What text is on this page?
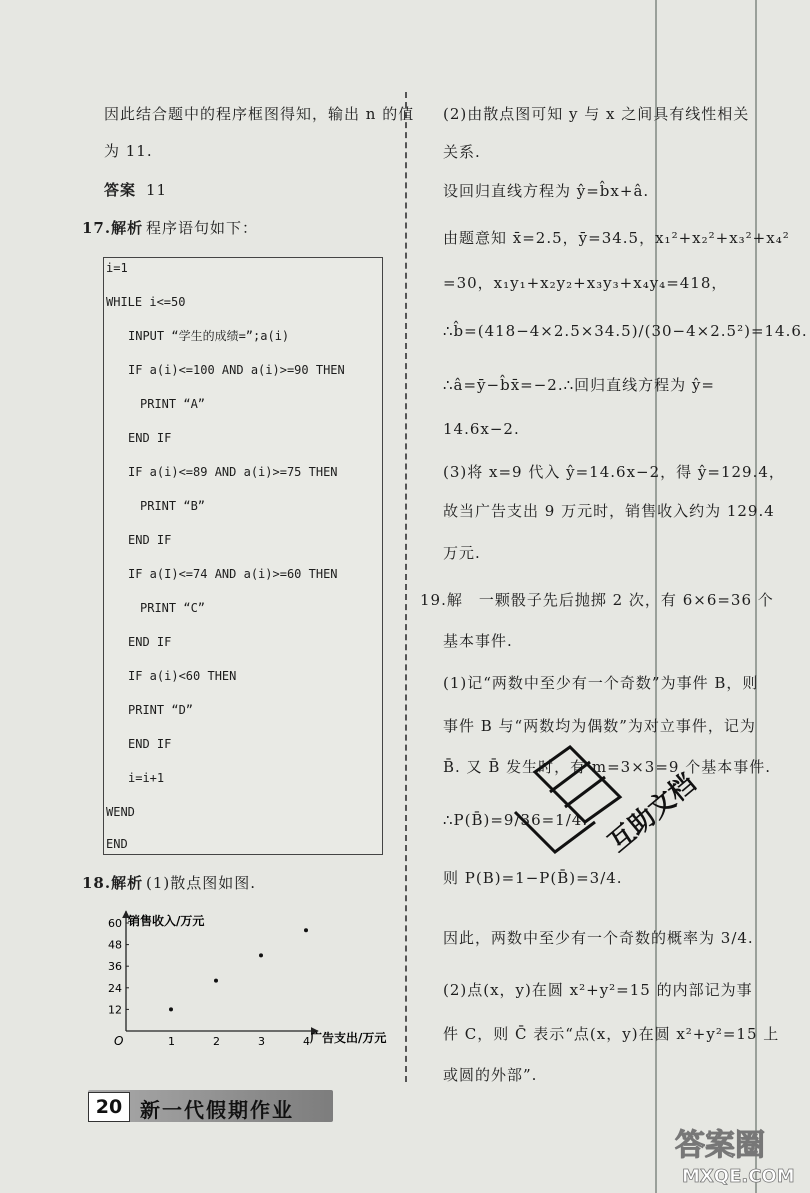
因此结合题中的程序框图得知，输出 n 的值
为 11.
答案 11
17.解析 程序语句如下：
i=1
WHILE i<=50
INPUT “学生的成绩=”;a(i)
IF a(i)<=100 AND a(i)>=90 THEN
PRINT “A”
END IF
IF a(i)<=89 AND a(i)>=75 THEN
PRINT “B”
END IF
IF a(I)<=74 AND a(i)>=60 THEN
PRINT “C”
END IF
IF a(i)<60 THEN
PRINT “D”
END IF
i=i+1
WEND
END
18.解析 (1)散点图如图.
销售收入/万元
广告支出/万元
O	1	2	3	4
12
24
36
48
60
(2)由散点图可知 y 与 x 之间具有线性相关
关系.
设回归直线方程为 ŷ=b̂x+â.
由题意知 x̄=2.5，ȳ=34.5，x₁²+x₂²+x₃²+x₄²
=30，x₁y₁+x₂y₂+x₃y₃+x₄y₄=418，
∴b̂=(418−4×2.5×34.5)/(30−4×2.5²)=14.6.
∴â=ȳ−b̂x̄=−2.∴回归直线方程为 ŷ=
14.6x−2.
(3)将 x=9 代入 ŷ=14.6x−2，得 ŷ=129.4，
故当广告支出 9 万元时，销售收入约为 129.4
万元.
19.解　一颗骰子先后抛掷 2 次，有 6×6=36 个
基本事件.
(1)记“两数中至少有一个奇数”为事件 B，则
事件 B 与“两数均为偶数”为对立事件，记为
B̄. 又 B̄ 发生时，有 m=3×3=9 个基本事件.
∴P(B̄)=9/36=1/4.
则 P(B)=1−P(B̄)=3/4.
因此，两数中至少有一个奇数的概率为 3/4.
(2)点(x，y)在圆 x²+y²=15 的内部记为事
件 C，则 C̄ 表示“点(x，y)在圆 x²+y²=15 上
或圆的外部”.
互助文档
20 新一代假期作业
答案圈
MXQE.COM
